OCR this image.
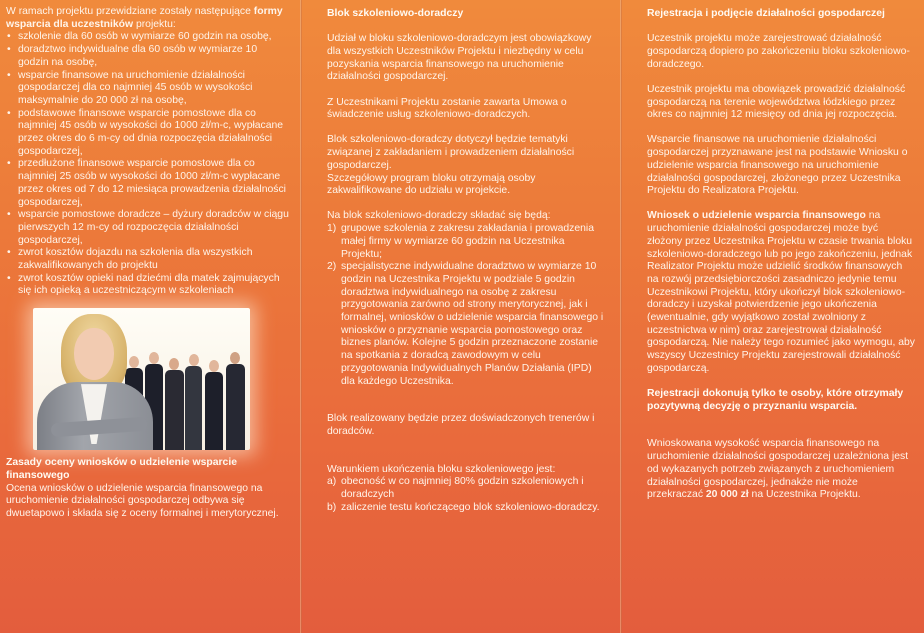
W ramach projektu przewidziane zostały następujące formy wsparcia dla uczestników projektu:

• szkolenie dla 60 osób w wymiarze 60 godzin na osobę,
• doradztwo indywidualne dla 60 osób w wymiarze 10 godzin na osobę,
• wsparcie finansowe na uruchomienie działalności gospodarczej dla co najmniej 45 osób w wysokości maksymalnie do 20 000 zł na osobę,
• podstawowe finansowe wsparcie pomostowe dla co najmniej 45 osób w wysokości do 1000 zł/m-c, wypłacane przez okres do 6 m-cy od dnia rozpoczęcia działalności gospodarczej,
• przedłużone finansowe wsparcie pomostowe dla co najmniej 25 osób w wysokości do 1000 zł/m-c wypłacane przez okres od 7 do 12 miesiąca prowadzenia działalności gospodarczej,
• wsparcie pomostowe doradcze – dyżury doradców w ciągu pierwszych 12 m-cy od rozpoczęcia działalności gospodarczej,
• zwrot kosztów dojazdu na szkolenia dla wszystkich zakwalifikowanych do projektu
• zwrot kosztów opieki nad dziećmi dla matek zajmujących się ich opieką a uczestniczącym w szkoleniach

Zasady oceny wniosków o udzielenie wsparcie finansowego

Ocena wniosków o udzielenie wsparcia finansowego na uruchomienie działalności gospodarczej odbywa się dwuetapowo i składa się z oceny formalnej i merytorycznej.

Blok szkoleniowo-doradczy

Udział w bloku szkoleniowo-doradczym jest obowiązkowy dla wszystkich Uczestników Projektu i niezbędny w celu pozyskania wsparcia finansowego na uruchomienie działalności gospodarczej.

Z Uczestnikami Projektu zostanie zawarta Umowa o świadczenie usług szkoleniowo-doradczych.

Blok szkoleniowo-doradczy dotyczył będzie tematyki związanej z zakładaniem i prowadzeniem działalności gospodarczej.

Szczegółowy program bloku otrzymają osoby zakwalifikowane do udziału w projekcie.

Na blok szkoleniowo-doradczy składać się będą:

1) grupowe szkolenia z zakresu zakładania i prowadzenia małej firmy w wymiarze 60 godzin na Uczestnika Projektu;
2) specjalistyczne indywidualne doradztwo w wymiarze 10 godzin na Uczestnika Projektu w podziale 5 godzin doradztwa indywidualnego na osobę z zakresu przygotowania zarówno od strony merytorycznej, jak i formalnej, wniosków o udzielenie wsparcia finansowego i wniosków o przyznanie wsparcia pomostowego oraz biznes planów. Kolejne 5 godzin przeznaczone zostanie na spotkania z doradcą zawodowym w celu przygotowania Indywidualnych Planów Działania (IPD) dla każdego Uczestnika.

Blok realizowany będzie przez doświadczonych trenerów i doradców.

Warunkiem ukończenia bloku szkoleniowego jest:

a) obecność w co najmniej 80% godzin szkoleniowych i doradczych
b) zaliczenie testu kończącego blok szkoleniowo-doradczy.

Rejestracja i podjęcie działalności gospodarczej

Uczestnik projektu może zarejestrować działalność gospodarczą dopiero po zakończeniu bloku szkoleniowo-doradczego.

Uczestnik projektu ma obowiązek prowadzić działalność gospodarczą na terenie województwa łódzkiego przez okres co najmniej 12 miesięcy od dnia jej rozpoczęcia.

Wsparcie finansowe na uruchomienie działalności gospodarczej przyznawane jest na podstawie Wniosku o udzielenie wsparcia finansowego na uruchomienie działalności gospodarczej, złożonego przez Uczestnika Projektu do Realizatora Projektu.

Wniosek o udzielenie wsparcia finansowego na uruchomienie działalności gospodarczej może być złożony przez Uczestnika Projektu w czasie trwania bloku szkoleniowo-doradczego lub po jego zakończeniu, jednak Realizator Projektu może udzielić środków finansowych na rozwój przedsiębiorczości zasadniczo jedynie temu Uczestnikowi Projektu, który ukończył blok szkoleniowo-doradczy i uzyskał potwierdzenie jego ukończenia (ewentualnie, gdy wyjątkowo został zwolniony z uczestnictwa w nim) oraz zarejestrował działalność gospodarczą. Nie należy tego rozumieć jako wymogu, aby wszyscy Uczestnicy Projektu zarejestrowali działalność gospodarczą.

Rejestracji dokonują tylko te osoby, które otrzymały pozytywną decyzję o przyznaniu wsparcia.

Wnioskowana wysokość wsparcia finansowego na uruchomienie działalności gospodarczej uzależniona jest od wykazanych potrzeb związanych z uruchomieniem działalności gospodarczej, jednakże nie może przekraczać 20 000 zł na Uczestnika Projektu.
